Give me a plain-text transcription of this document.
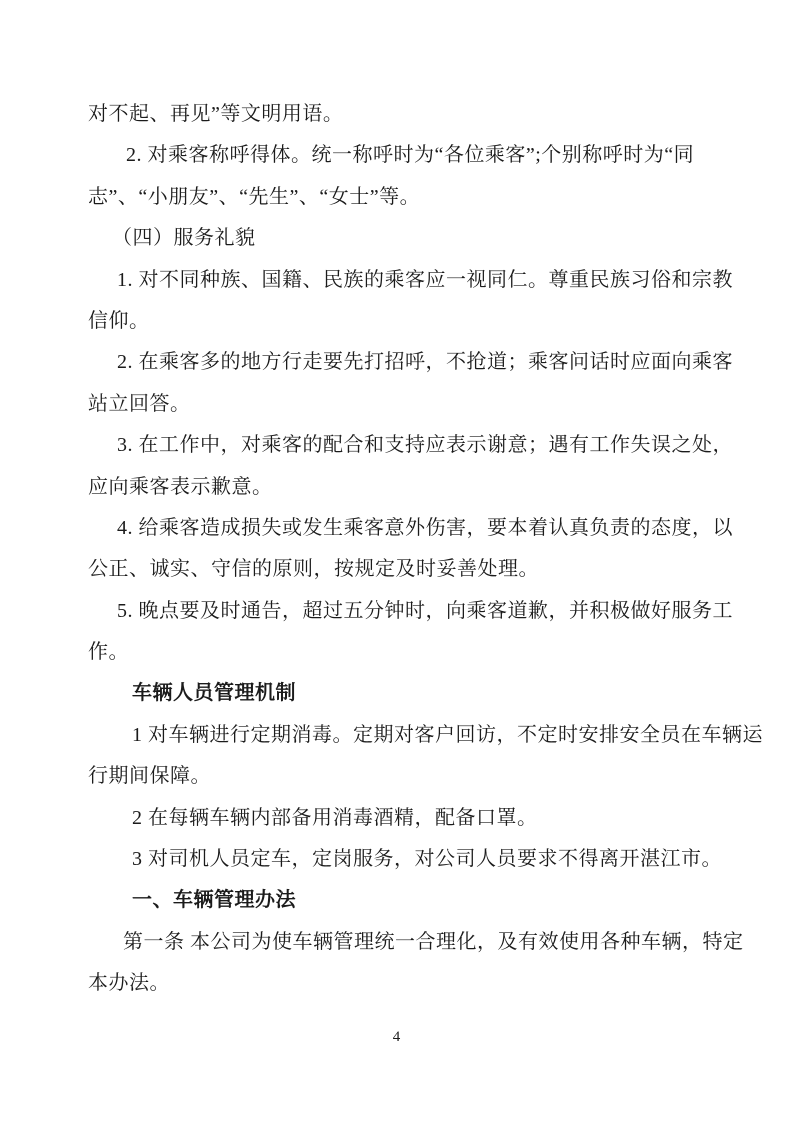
对不起、再见”等文明用语。
2. 对乘客称呼得体。统一称呼时为“各位乘客”;个别称呼时为“同
志”、“小朋友”、“先生”、“女士”等。
（四）服务礼貌
1. 对不同种族、国籍、民族的乘客应一视同仁。尊重民族习俗和宗教
信仰。
2. 在乘客多的地方行走要先打招呼，不抢道；乘客问话时应面向乘客
站立回答。
3. 在工作中，对乘客的配合和支持应表示谢意；遇有工作失误之处，
应向乘客表示歉意。
4. 给乘客造成损失或发生乘客意外伤害，要本着认真负责的态度，以
公正、诚实、守信的原则，按规定及时妥善处理。
5. 晚点要及时通告，超过五分钟时，向乘客道歉，并积极做好服务工
作。
车辆人员管理机制
1 对车辆进行定期消毒。定期对客户回访，不定时安排安全员在车辆运
行期间保障。
2 在每辆车辆内部备用消毒酒精，配备口罩。
3 对司机人员定车，定岗服务，对公司人员要求不得离开湛江市。
一、车辆管理办法
第一条 本公司为使车辆管理统一合理化，及有效使用各种车辆，特定
本办法。
4
